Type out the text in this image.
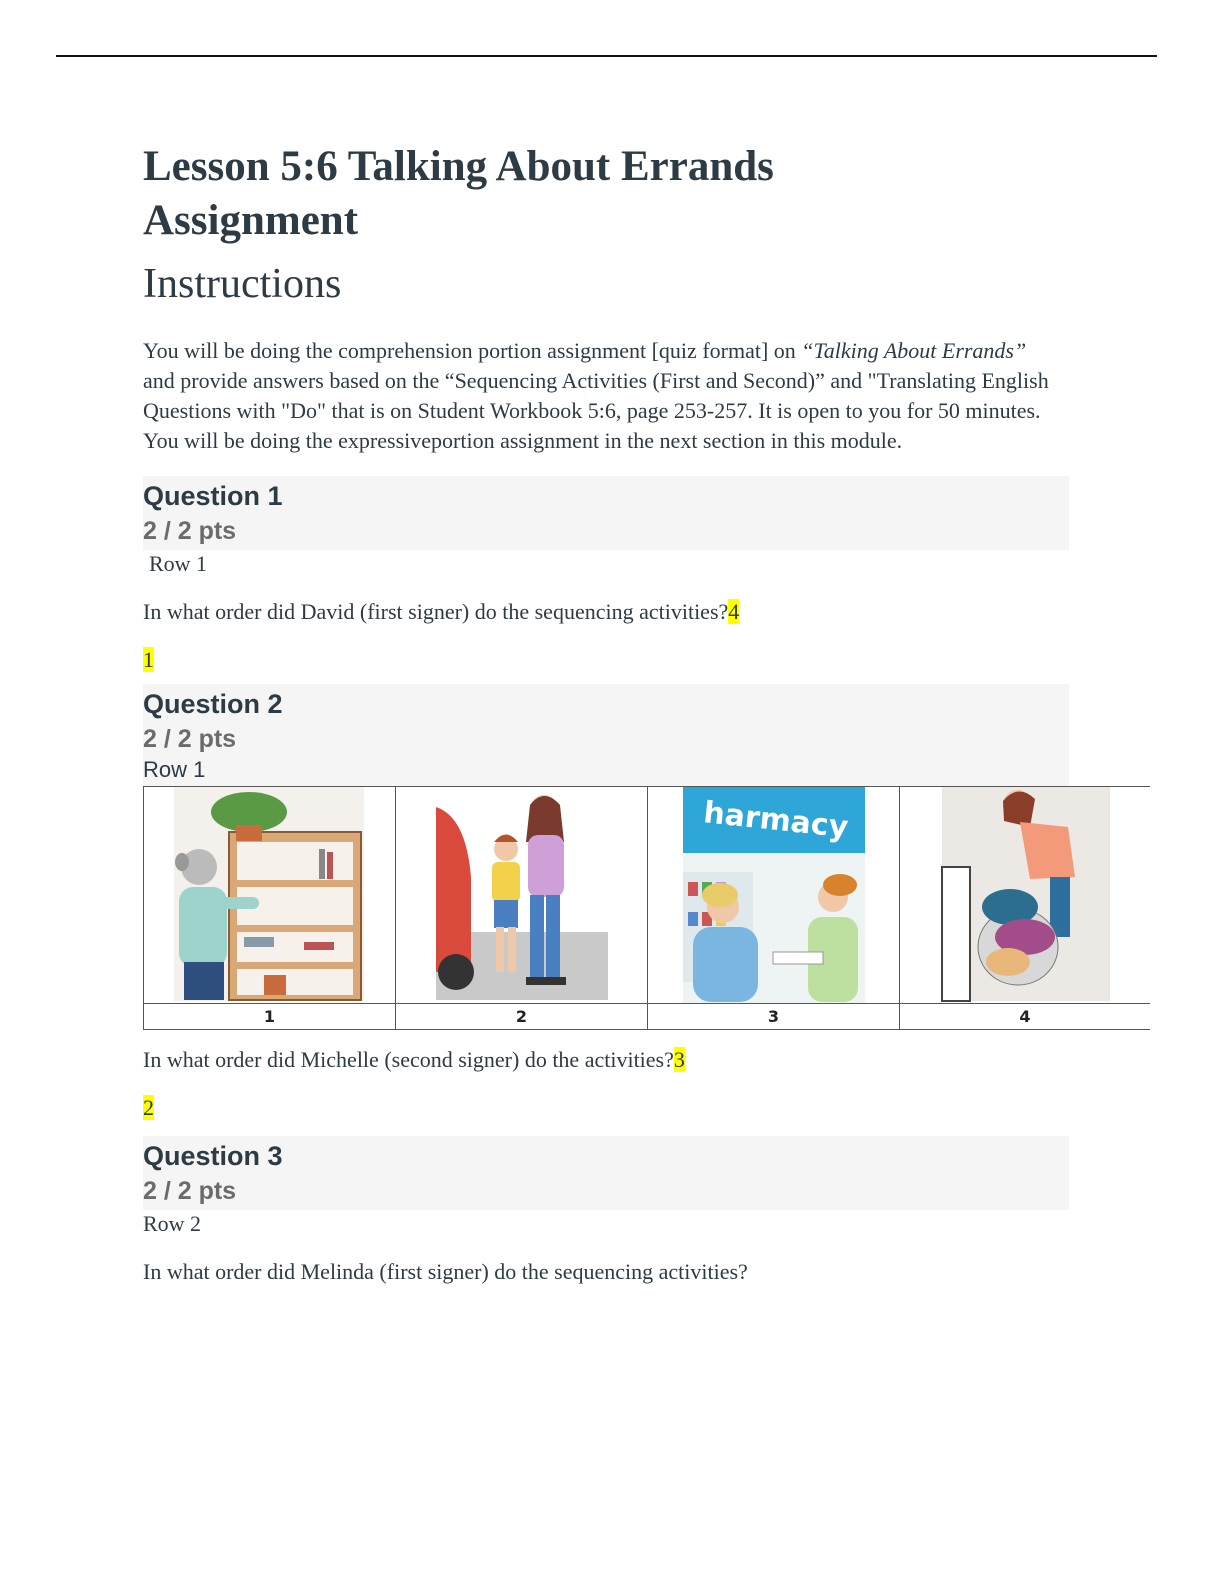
Lesson 5:6 Talking About Errands Assignment
Instructions

You will be doing the comprehension portion assignment [quiz format] on “Talking About Errands” and provide answers based on the “Sequencing Activities (First and Second)” and "Translating English Questions with "Do" that is on Student Workbook 5:6, page 253-257. It is open to you for 50 minutes. You will be doing the expressiveportion assignment in the next section in this module.

Question 1
2 / 2 pts
Row 1
In what order did David (first signer) do the sequencing activities?4
1
Question 2
2 / 2 pts
Row 1
harmacy
1	2	3	4
In what order did Michelle (second signer) do the activities?3
2
Question 3
2 / 2 pts
Row 2
In what order did Melinda (first signer) do the sequencing activities?
